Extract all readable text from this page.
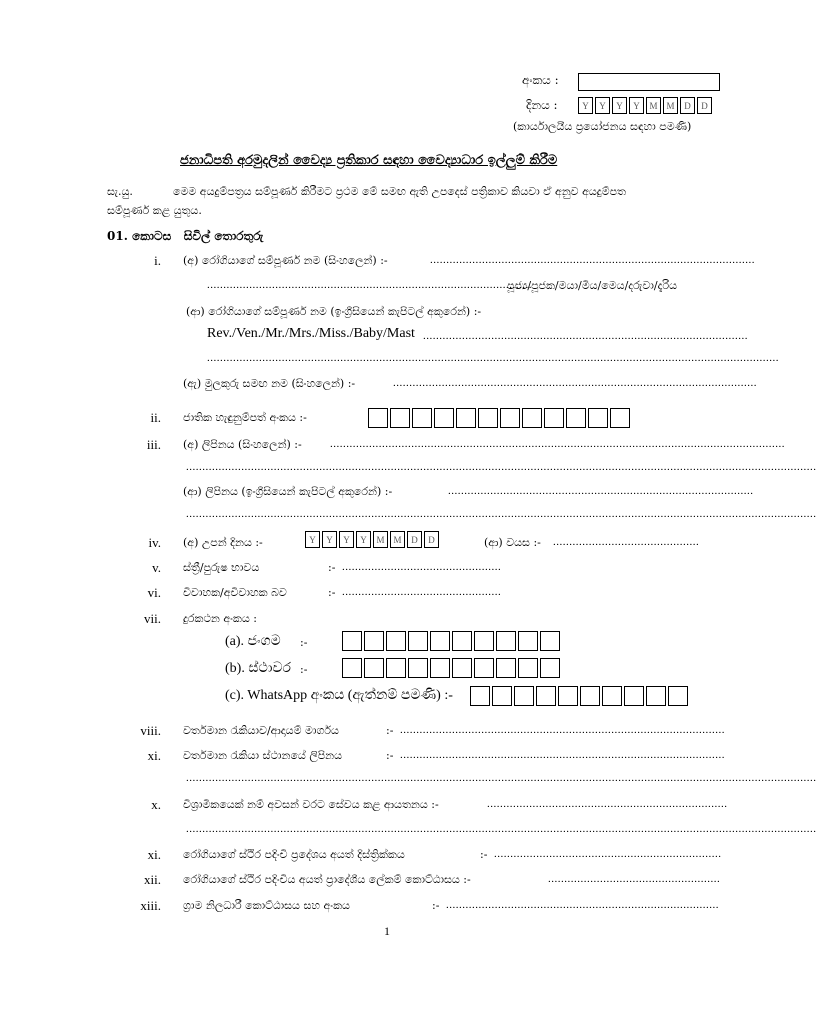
අංකය :
දිනය :	Y	Y	Y	Y	M M	D	D
(කාර්යාලයීය ප්‍රයෝජනය සඳහා පමණි)
ජනාධිපති අරමුදලින් වෛද්‍ය ප්‍රතිකාර සඳහා වෛද්‍යාධාර ඉල්ලුම් කිරීම
සැ.යු.	මෙම අයදුම්පත්‍රය සම්පූර්ණ කිරීමට ප්‍රථම මේ සමඟ ඇති උපදෙස් පත්‍රිකාව කියවා ඒ අනුව අයදුම්පත
සම්පූර්ණ කළ යුතුය.
01. කොටස සිවිල් තොරතුරු
i. (අ) රෝගියාගේ සම්පූර්ණ නම (සිංහලෙන්) :-	....................................................................................................
....................................................................................................
පූජ්‍ය/පූජක/මයා/මිය/මෙය/දරුවා/දැරිය
(ආ) රෝගියාගේ සම්පූර්ණ නම (ඉංග්‍රීසියෙන් කැපිටල් අකුරෙන්) :-
Rev./Ven./Mr./Mrs./Miss./Baby/Mast ....................................................................................................
................................................................................................................................................................................
(ඇ) මුලකුරු සමඟ නම (සිංහලෙන්) :-	................................................................................................................
ii. ජාතික හැඳුනුම්පත් අංකය :-
iii. (අ) ලිපිනය (සිංහලෙන්) :-	............................................................................................................................................
..................................................................................................................................................................................................
(ආ) ලිපිනය (ඉංග්‍රීසියෙන් කැපිටල් අකුරෙන්) :-	..............................................................................................
..................................................................................................................................................................................................
iv. (අ) උපන් දිනය :-	Y	Y	Y	Y	M M	D	D	(ආ) වයස :- .............................................
v. ස්ත්‍රී/පුරුෂ භාවය	:- .................................................
vi. විවාහක/අවිවාහක බව	:- .................................................
vii. දුරකථන අංකය :
(a). ජංගම :-
(b). ස්ථාවර :-
(c). WhatsApp අංකය (ඇත්නම් පමණි) :-
viii. වර්තමාන රැකියාව/ආදායම් මාර්ගය	:- ....................................................................................................
xi. වර්තමාන රැකියා ස්ථානයේ ලිපිනය	:- ....................................................................................................
..................................................................................................................................................................................................
x. විශ්‍රාමිකයෙක් නම් අවසන් වරට සේවය කළ ආයතනය :-	..........................................................................
..................................................................................................................................................................................................
xi. රෝගියාගේ ස්ථිර පදිංචි ප්‍රදේශය අයත් දිස්ත්‍රික්කය	:- ......................................................................
xii. රෝගියාගේ ස්ථිර පදිංචිය අයත් ප්‍රාදේශීය ලේකම් කොට්ඨාසය :-	.....................................................
xiii. ග්‍රාම නිලධාරී කොට්ඨාසය සහ අංකය	:- ....................................................................................
1
